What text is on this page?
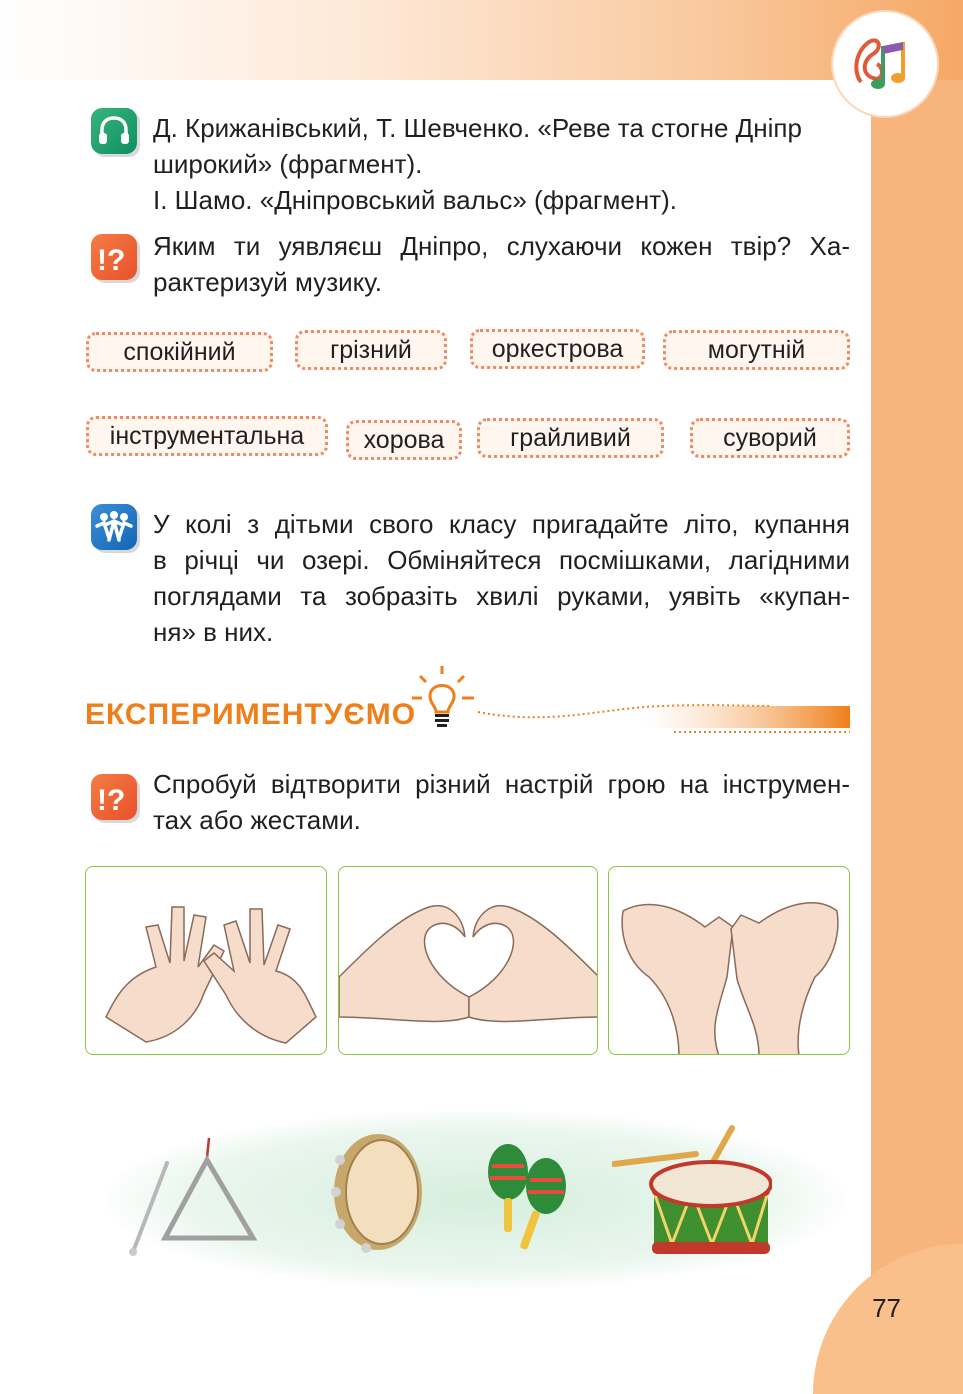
Д. Крижанівський, Т. Шевченко. «Реве та стогне Дніпр

широкий» (фрагмент).

І. Шамо. «Дніпровський вальс» (фрагмент).

!? Яким ти уявляєш Дніпро, слухаючи кожен твір? Ха-

рактеризуй музику.

спокійний	грізний	оркестрова	могутній
інструментальна	хорова	грайливий	суворий

У колі з дітьми свого класу пригадайте літо, купання

в річці чи озері. Обміняйтеся посмішками, лагідними

поглядами та зобразіть хвилі руками, уявіть «купан-

ня» в них.

ЕКСПЕРИМЕНТУЄМО
!? Спробуй відтворити різний настрій грою на інструмен-

тах або жестами.

77
